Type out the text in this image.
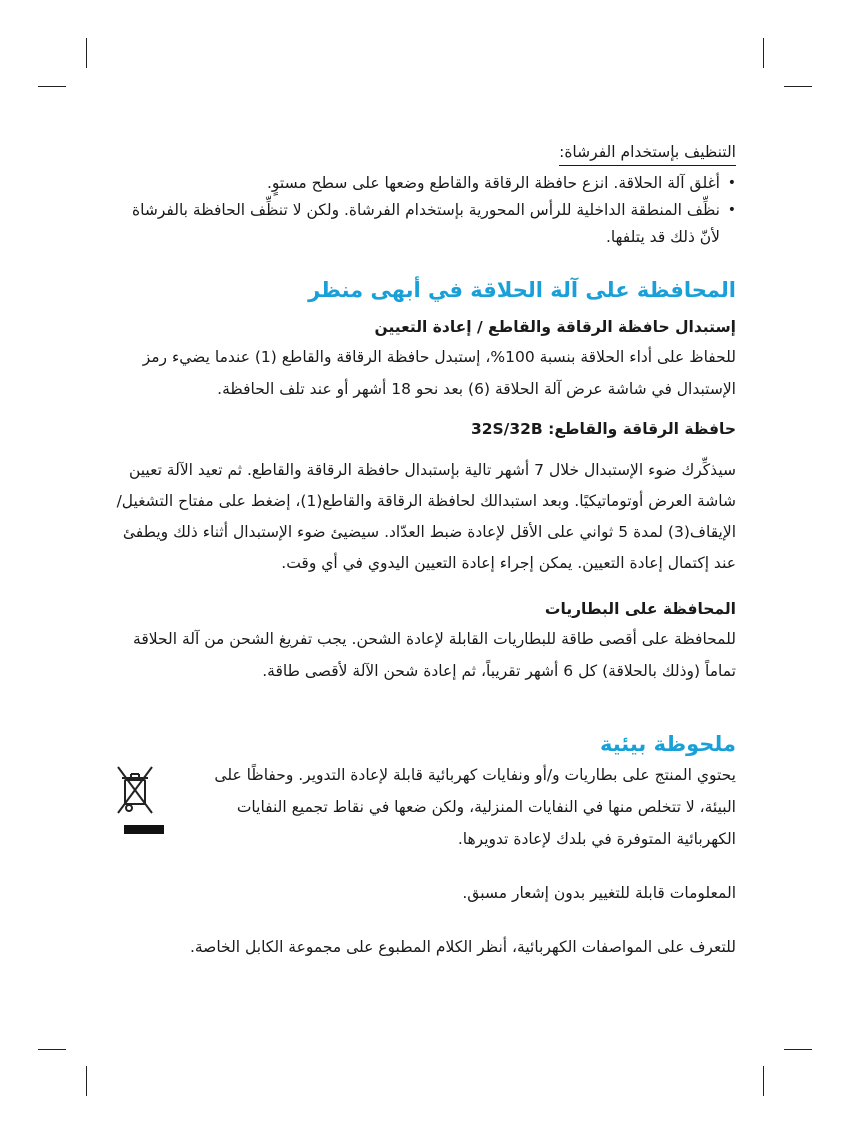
التنظيف بإستخدام الفرشاة:
•
أغلق آلة الحلاقة. انزع حافظة الرقاقة والقاطع وضعها على سطح مستوٍ.
•
نظِّف المنطقة الداخلية للرأس المحورية بإستخدام الفرشاة. ولكن لا تنظِّف الحافظة بالفرشاة لأنّ ذلك قد يتلفها.
المحافظة على آلة الحلاقة في أبهى منظر
إستبدال حافظة الرقاقة والقاطع / إعادة التعيين

للحفاظ على أداء الحلاقة بنسبة 100%، إستبدل حافظة الرقاقة والقاطع (1) عندما يضيء رمز الإستبدال في شاشة عرض آلة الحلاقة (6) بعد نحو 18 أشهر أو عند تلف الحافظة.

حافظة الرقاقة والقاطع: 32S/32B

سيذكِّرك ضوء الإستبدال خلال 7 أشهر تالية بإستبدال حافظة الرقاقة والقاطع. ثم تعيد الآلة تعيين شاشة العرض أوتوماتيكيًا. وبعد استبدالك لحافظة الرقاقة والقاطع(1)، إضغط على مفتاح التشغيل/ الإيقاف(3) لمدة 5 ثواني على الأقل لإعادة ضبط العدّاد. سيضيئ ضوء الإستبدال أثناء ذلك ويطفئ عند إكتمال إعادة التعيين. يمكن إجراء إعادة التعيين اليدوي في أي وقت.

المحافظة على البطاريات

للمحافظة على أقصى طاقة للبطاريات القابلة لإعادة الشحن. يجب تفريغ الشحن من آلة الحلاقة تماماً (وذلك بالحلاقة) كل 6 أشهر تقريباً، ثم إعادة شحن الآلة لأقصى طاقة.

ملحوظة بيئية

يحتوي المنتج على بطاريات و/أو ونفايات كهربائية قابلة لإعادة التدوير. وحفاظًا على البيئة، لا تتخلص منها في النفايات المنزلية، ولكن ضعها في نقاط تجميع النفايات الكهربائية المتوفرة في بلدك لإعادة تدويرها.

المعلومات قابلة للتغيير بدون إشعار مسبق.

للتعرف على المواصفات الكهربائية، أنظر الكلام المطبوع على مجموعة الكابل الخاصة.
